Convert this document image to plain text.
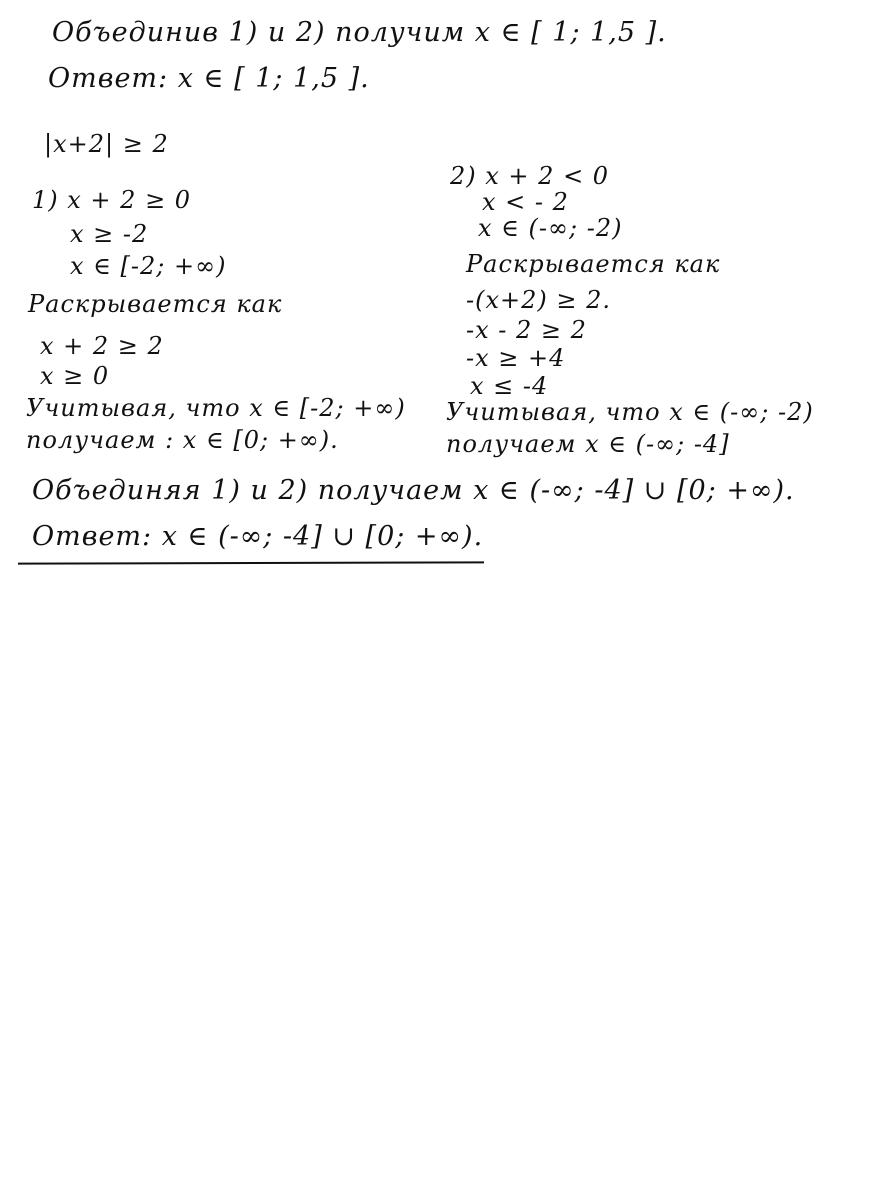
Объединив 1) и 2) получим x ∈ [ 1; 1,5 ].
Ответ: x ∈ [ 1; 1,5 ].
|x+2| ≥ 2
1) x + 2 ≥ 0
x ≥ -2
x ∈ [-2; +∞)
Раскрывается как
x + 2 ≥ 2
x ≥ 0
Учитывая, что x ∈ [-2; +∞)
получаем : x ∈ [0; +∞).
2) x + 2 < 0
x < - 2
x ∈ (-∞; -2)
Раскрывается как
-(x+2) ≥ 2.
-x - 2 ≥ 2
-x ≥ +4
x ≤ -4
Учитывая, что x ∈ (-∞; -2)
получаем x ∈ (-∞; -4]
Объединяя 1) и 2) получаем x ∈ (-∞; -4] ∪ [0; +∞).
Ответ: x ∈ (-∞; -4] ∪ [0; +∞).
